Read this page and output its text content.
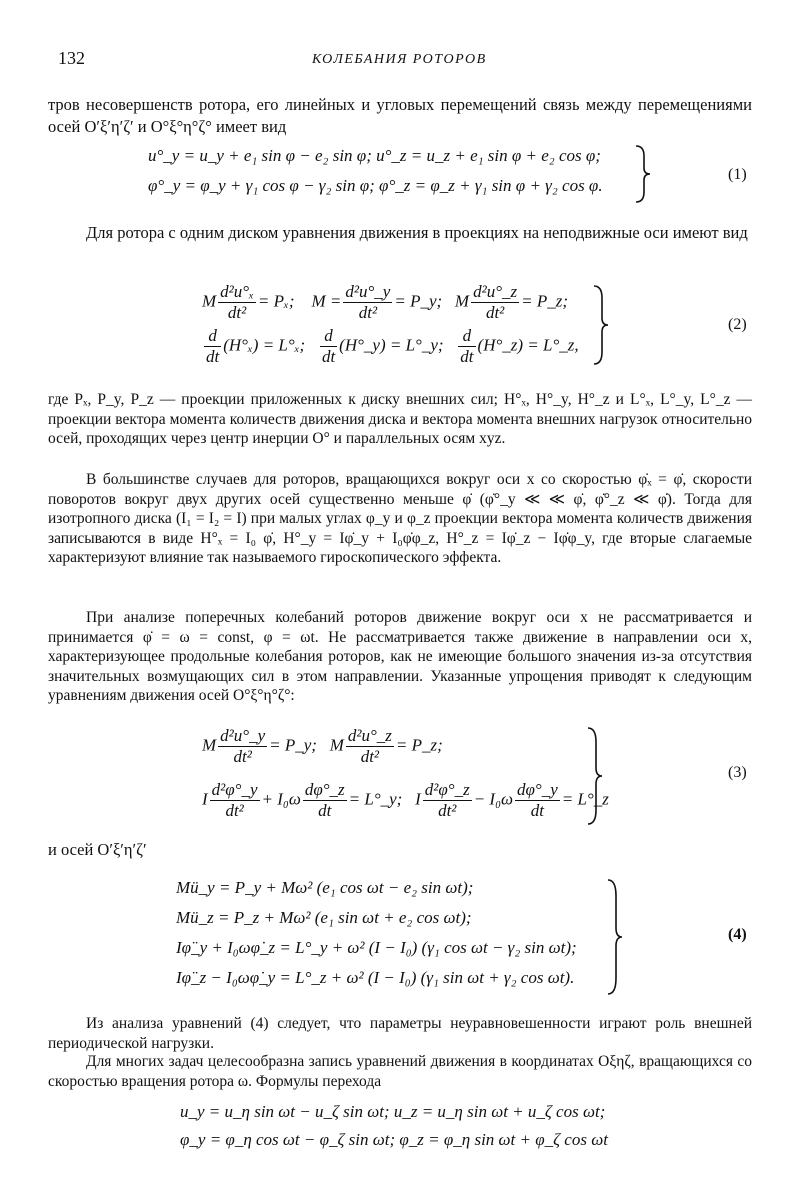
132	КОЛЕБАНИЯ РОТОРОВ
тров несовершенств ротора, его линейных и угловых перемещений связь между перемещениями осей O′ξ′η′ζ′ и O°ξ°η°ζ° имеет вид
u°_y = u_y + e₁ sin φ − e₂ sin φ; u°_z = u_z + e₁ sin φ + e₂ cos φ;
φ°_y = φ_y + γ₁ cos φ − γ₂ sin φ; φ°_z = φ_z + γ₁ sin φ + γ₂ cos φ.
(1)
Для ротора с одним диском уравнения движения в проекциях на неподвижные оси имеют вид
M $\frac{\text{d²u°ₓ}}{\text{dt²}} = P_x$; $M = \frac{\text{d²u°\_y}}{\text{dt²}}$ = P_y; M $\frac{\text{d²u°\_z}}{\text{dt²}}$ = P_z;
$\frac{d}{dt} (H^\circ_x) = L^\circ_x$; $\frac{d}{dt}$ (H°_y) = L°_y; $\frac{d}{dt}$ (H°_z) = L°_z,
(2)
где Pₓ, P_y, P_z — проекции приложенных к диску внешних сил; H°ₓ, H°_y, H°_z и L°ₓ, L°_y, L°_z — проекции вектора момента количеств движения диска и вектора момента внешних нагрузок относительно осей, проходящих через центр инерции O° и параллельных осям xyz.
В большинстве случаев для роторов, вращающихся вокруг оси x со скоростью φ̇ₓ = φ̇, скорости поворотов вокруг двух других осей существенно меньше φ̇ (φ̇°_y ≪ ≪ φ̇, φ̇°_z ≪ φ̇). Тогда для изотропного диска (I₁ = I₂ = I) при малых углах φ_y и φ_z проекции вектора момента количеств движения записываются в виде H°ₓ = I₀ φ̇, H°_y = Iφ̇_y + I₀φ̇φ_z, H°_z = Iφ̇_z − Iφ̇φ_y, где вторые слагаемые характеризуют влияние так называемого гироскопического эффекта.
При анализе поперечных колебаний роторов движение вокруг оси x не рассматривается и принимается φ̇ = ω = const, φ = ωt. Не рассматривается также движение в направлении оси x, характеризующее продольные колебания роторов, как не имеющие большого значения из-за отсутствия значительных возмущающих сил в этом направлении. Указанные упрощения приводят к следующим уравнениям движения осей O°ξ°η°ζ°:
M $\frac{\text{d²u°\_y}}{\text{dt²}}$ = P_y; M $\frac{\text{d²u°\_z}}{\text{dt²}}$ = P_z;
I $\frac{\text{d²φ°\_y}}{\text{dt²}} + I_0\omega \frac{d\varphi^\circ\_z}{dt}$ = L°_y; I $\frac{\text{d²φ°\_z}}{\text{dt²}} - I_0\omega \frac{d\varphi^\circ\_y}{dt}$ = L°_z
(3)
и осей O′ξ′η′ζ′
Mü_y = P_y + Mω² (e₁ cos ωt − e₂ sin ωt);
Mü_z = P_z + Mω² (e₁ sin ωt + e₂ cos ωt);
Iφ̈_y + I₀ωφ̇_z = L°_y + ω² (I − I₀) (γ₁ cos ωt − γ₂ sin ωt);
Iφ̈_z − I₀ωφ̇_y = L°_z + ω² (I − I₀) (γ₁ sin ωt + γ₂ cos ωt).
(4)
Из анализа уравнений (4) следует, что параметры неуравновешенности играют роль внешней периодической нагрузки.
Для многих задач целесообразна запись уравнений движения в координатах Oξηζ, вращающихся со скоростью вращения ротора ω. Формулы перехода
u_y = u_η sin ωt − u_ζ sin ωt; u_z = u_η sin ωt + u_ζ cos ωt;
φ_y = φ_η cos ωt − φ_ζ sin ωt; φ_z = φ_η sin ωt + φ_ζ cos ωt
